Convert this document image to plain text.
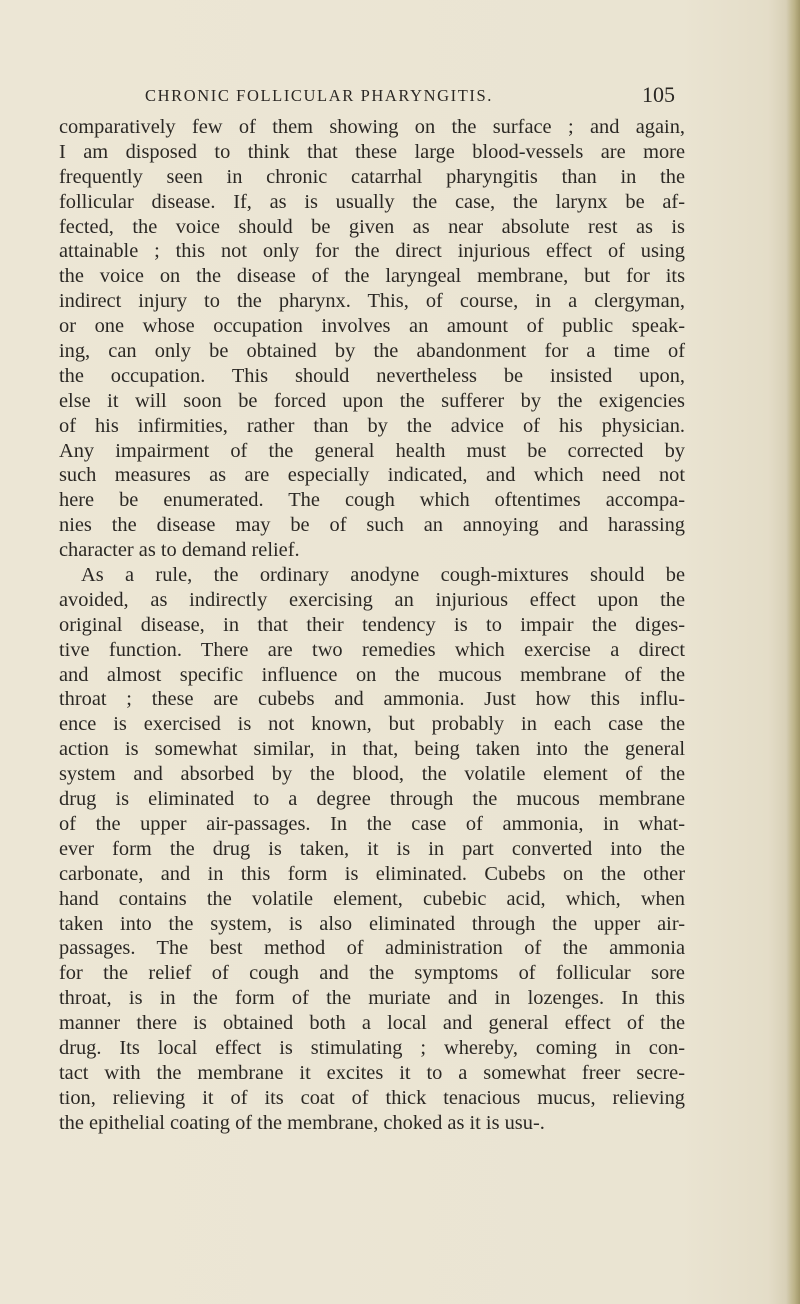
CHRONIC FOLLICULAR PHARYNGITIS.	105
comparatively few of them showing on the surface ; and again,
I am disposed to think that these large blood-vessels are more
frequently seen in chronic catarrhal pharyngitis than in the
follicular disease. If, as is usually the case, the larynx be af-
fected, the voice should be given as near absolute rest as is
attainable ; this not only for the direct injurious effect of using
the voice on the disease of the laryngeal membrane, but for its
indirect injury to the pharynx. This, of course, in a clergyman,
or one whose occupation involves an amount of public speak-
ing, can only be obtained by the abandonment for a time of
the occupation. This should nevertheless be insisted upon,
else it will soon be forced upon the sufferer by the exigencies
of his infirmities, rather than by the advice of his physician.
Any impairment of the general health must be corrected by
such measures as are especially indicated, and which need not
here be enumerated. The cough which oftentimes accompa-
nies the disease may be of such an annoying and harassing
character as to demand relief.
As a rule, the ordinary anodyne cough-mixtures should be
avoided, as indirectly exercising an injurious effect upon the
original disease, in that their tendency is to impair the diges-
tive function. There are two remedies which exercise a direct
and almost specific influence on the mucous membrane of the
throat ; these are cubebs and ammonia. Just how this influ-
ence is exercised is not known, but probably in each case the
action is somewhat similar, in that, being taken into the general
system and absorbed by the blood, the volatile element of the
drug is eliminated to a degree through the mucous membrane
of the upper air-passages. In the case of ammonia, in what-
ever form the drug is taken, it is in part converted into the
carbonate, and in this form is eliminated. Cubebs on the other
hand contains the volatile element, cubebic acid, which, when
taken into the system, is also eliminated through the upper air-
passages. The best method of administration of the ammonia
for the relief of cough and the symptoms of follicular sore
throat, is in the form of the muriate and in lozenges. In this
manner there is obtained both a local and general effect of the
drug. Its local effect is stimulating ; whereby, coming in con-
tact with the membrane it excites it to a somewhat freer secre-
tion, relieving it of its coat of thick tenacious mucus, relieving
the epithelial coating of the membrane, choked as it is usu-.
